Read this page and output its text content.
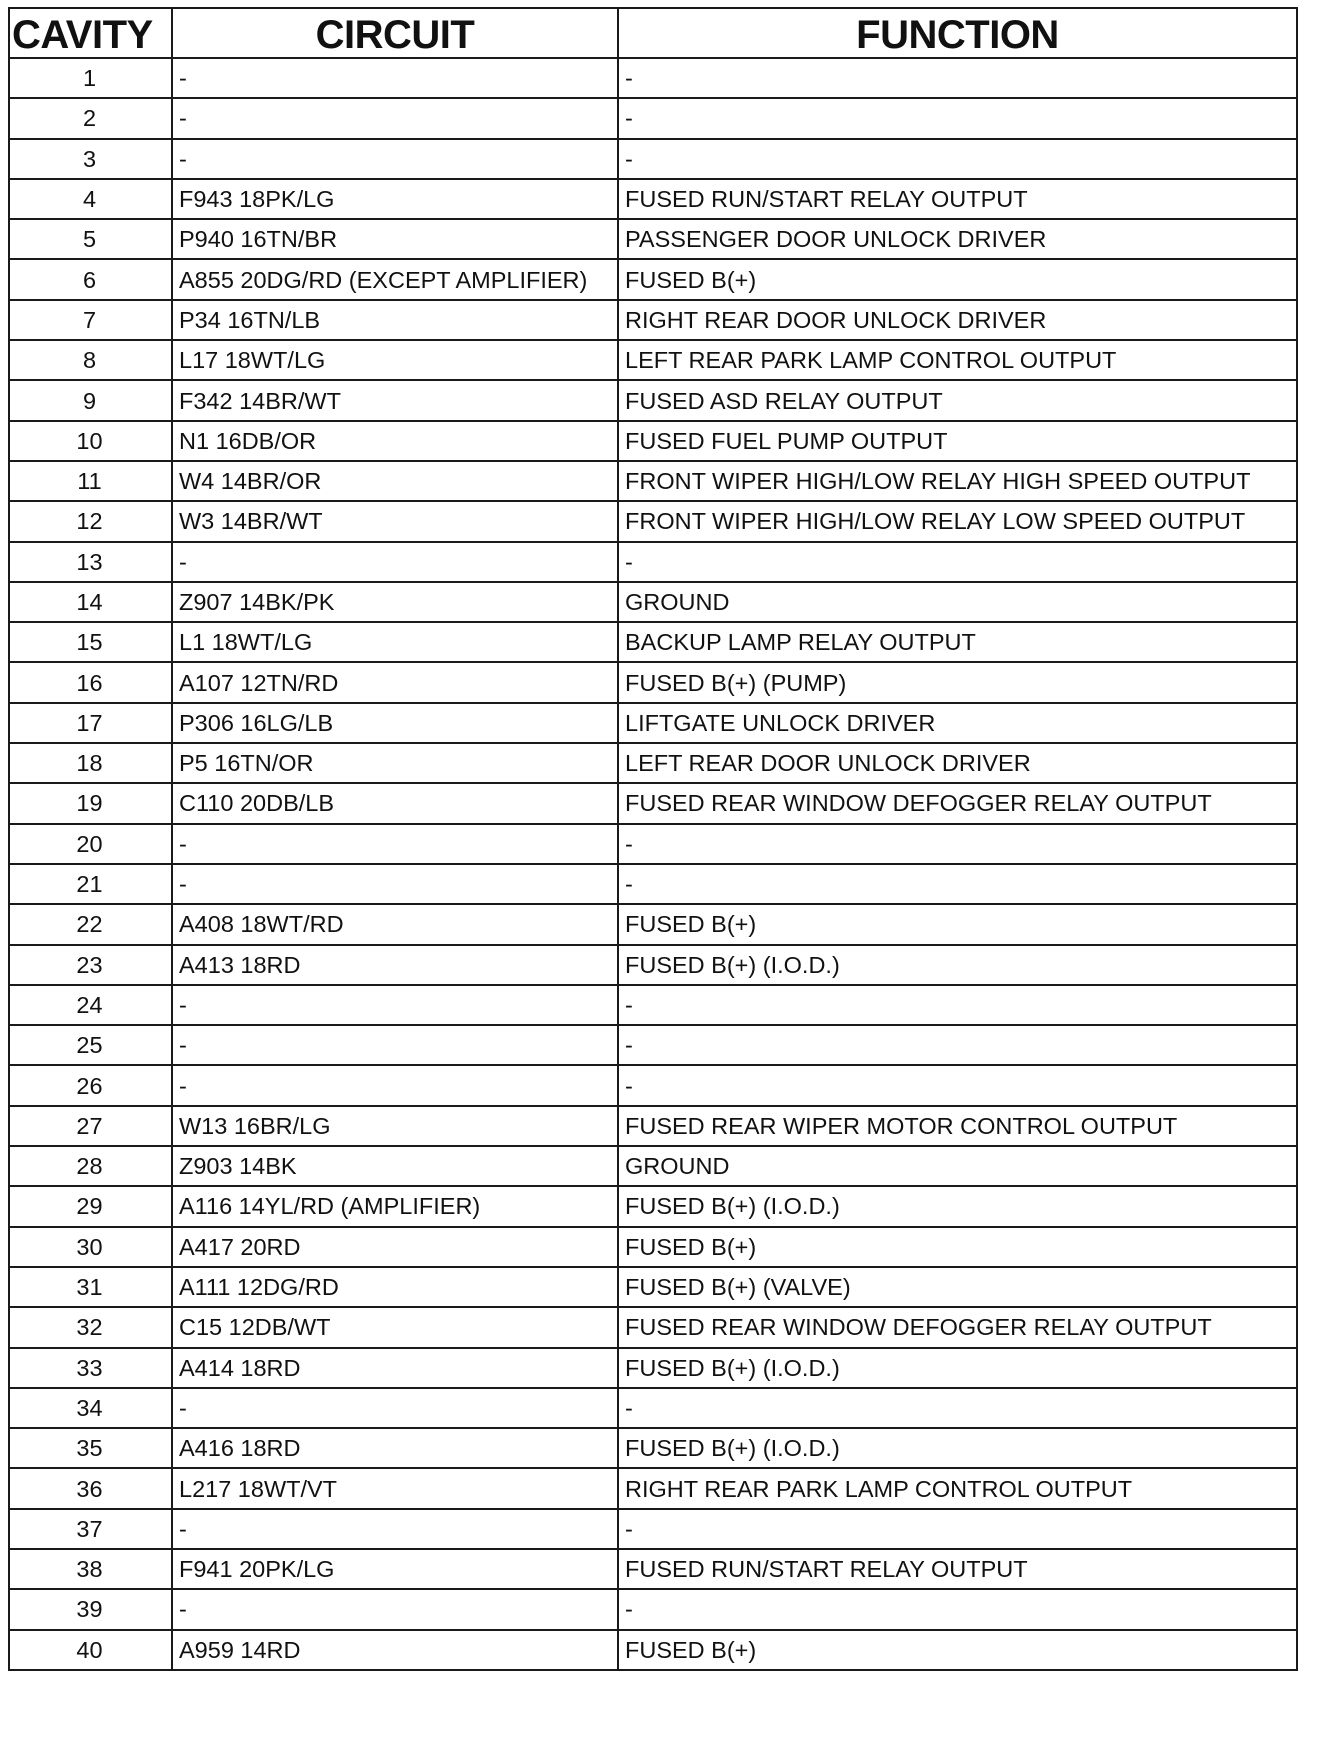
CAVITY	CIRCUIT	FUNCTION
1	-	-
2	-	-
3	-	-
4	F943 18PK/LG	FUSED RUN/START RELAY OUTPUT
5	P940 16TN/BR	PASSENGER DOOR UNLOCK DRIVER
6	A855 20DG/RD (EXCEPT AMPLIFIER)	FUSED B(+)
7	P34 16TN/LB	RIGHT REAR DOOR UNLOCK DRIVER
8	L17 18WT/LG	LEFT REAR PARK LAMP CONTROL OUTPUT
9	F342 14BR/WT	FUSED ASD RELAY OUTPUT
10	N1 16DB/OR	FUSED FUEL PUMP OUTPUT
11	W4 14BR/OR	FRONT WIPER HIGH/LOW RELAY HIGH SPEED OUTPUT
12	W3 14BR/WT	FRONT WIPER HIGH/LOW RELAY LOW SPEED OUTPUT
13	-	-
14	Z907 14BK/PK	GROUND
15	L1 18WT/LG	BACKUP LAMP RELAY OUTPUT
16	A107 12TN/RD	FUSED B(+) (PUMP)
17	P306 16LG/LB	LIFTGATE UNLOCK DRIVER
18	P5 16TN/OR	LEFT REAR DOOR UNLOCK DRIVER
19	C110 20DB/LB	FUSED REAR WINDOW DEFOGGER RELAY OUTPUT
20	-	-
21	-	-
22	A408 18WT/RD	FUSED B(+)
23	A413 18RD	FUSED B(+) (I.O.D.)
24	-	-
25	-	-
26	-	-
27	W13 16BR/LG	FUSED REAR WIPER MOTOR CONTROL OUTPUT
28	Z903 14BK	GROUND
29	A116 14YL/RD (AMPLIFIER)	FUSED B(+) (I.O.D.)
30	A417 20RD	FUSED B(+)
31	A111 12DG/RD	FUSED B(+) (VALVE)
32	C15 12DB/WT	FUSED REAR WINDOW DEFOGGER RELAY OUTPUT
33	A414 18RD	FUSED B(+) (I.O.D.)
34	-	-
35	A416 18RD	FUSED B(+) (I.O.D.)
36	L217 18WT/VT	RIGHT REAR PARK LAMP CONTROL OUTPUT
37	-	-
38	F941 20PK/LG	FUSED RUN/START RELAY OUTPUT
39	-	-
40	A959 14RD	FUSED B(+)
